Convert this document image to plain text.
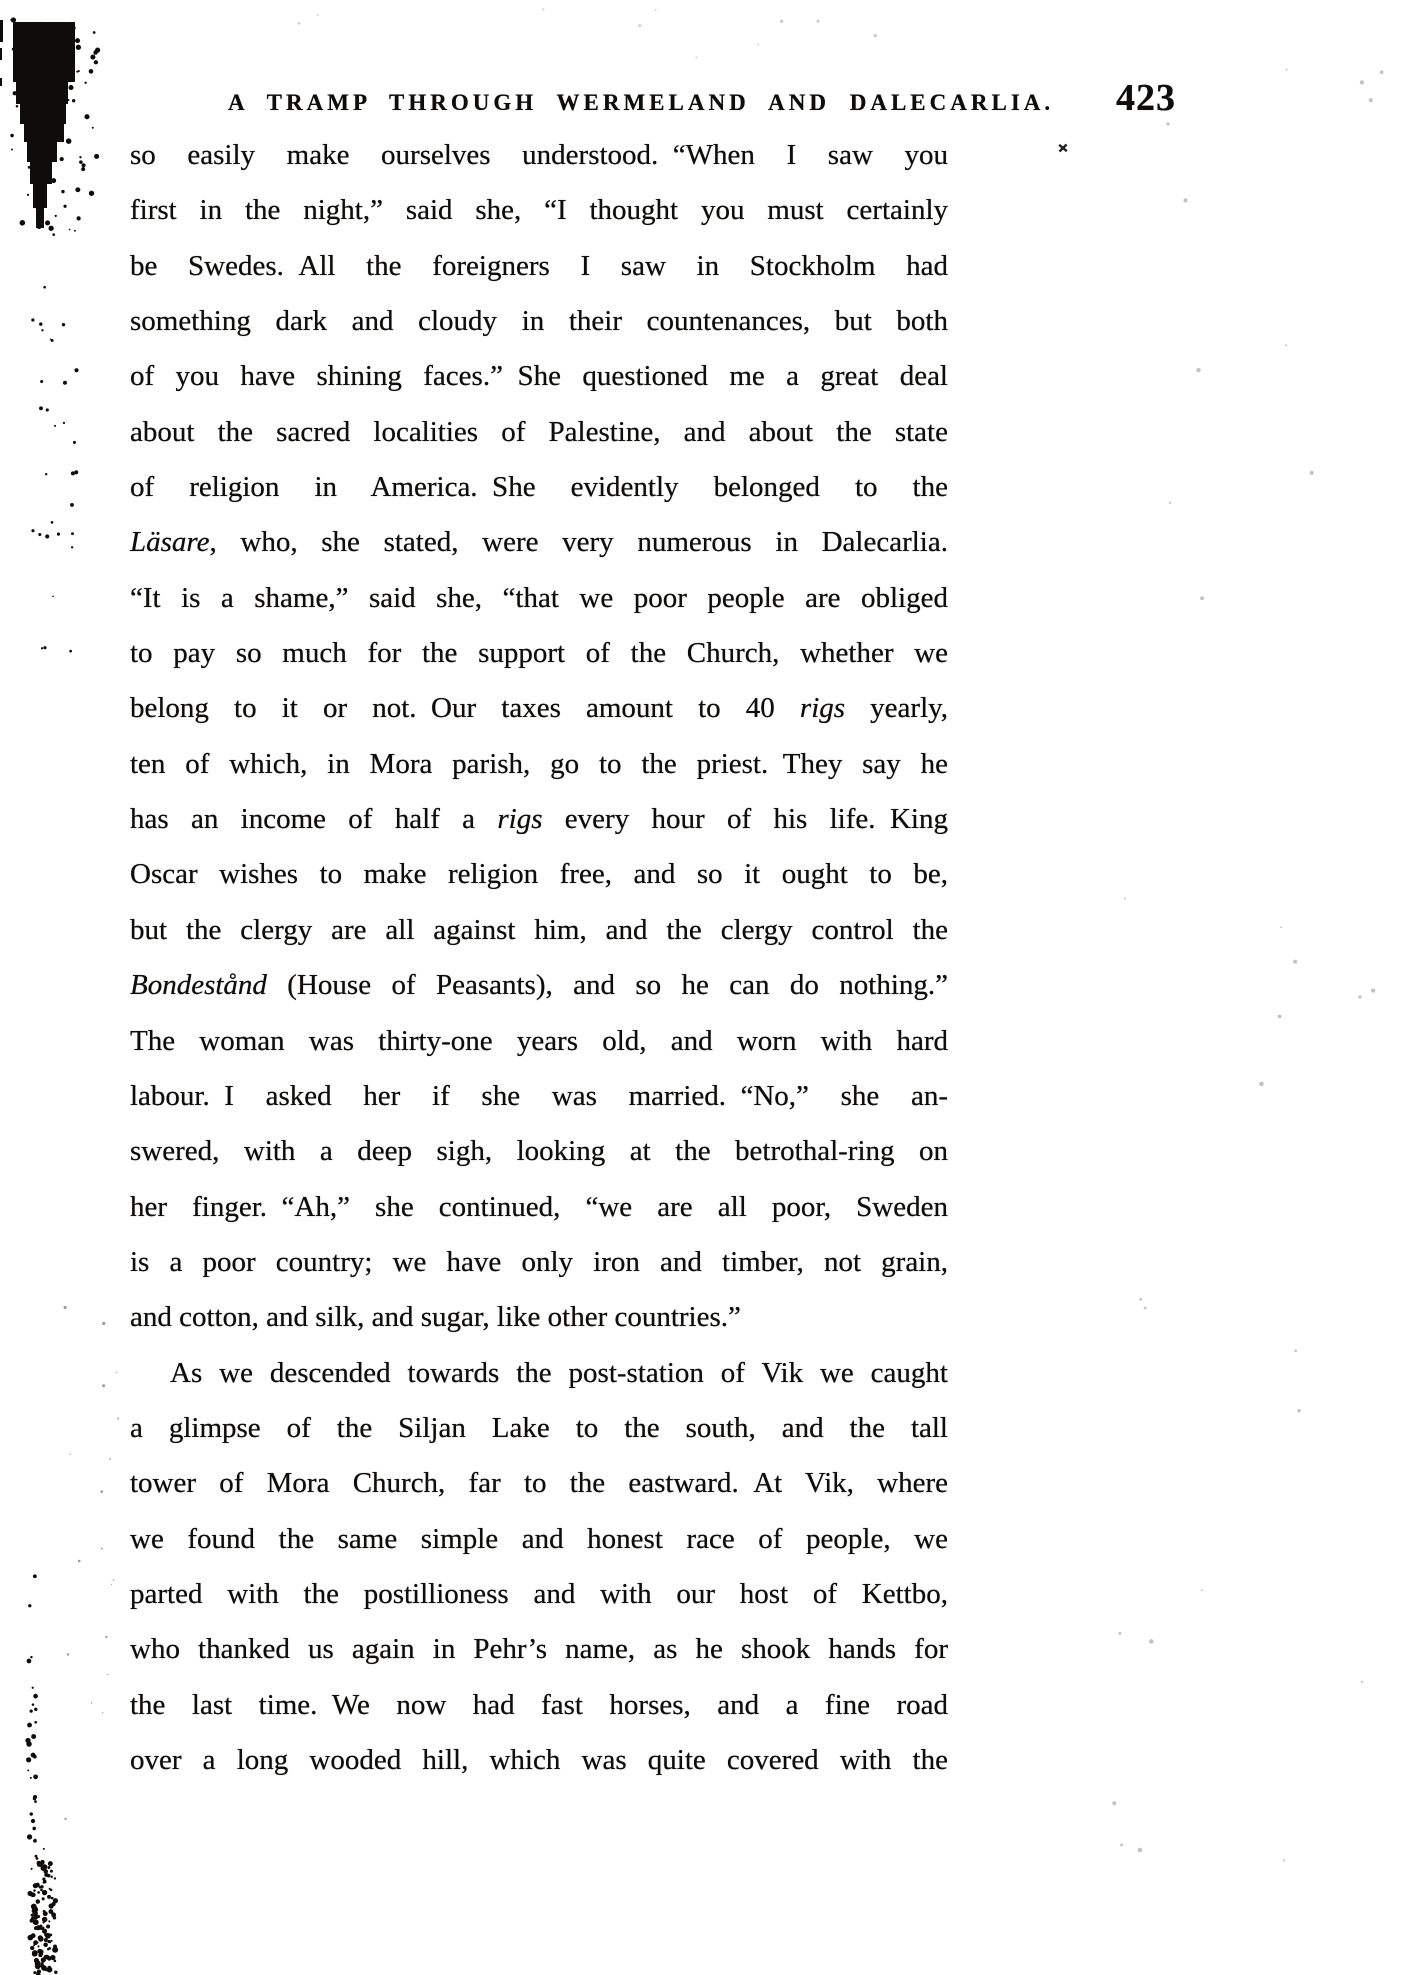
A TRAMP THROUGH WERMELAND AND DALECARLIA. 423
so easily make ourselves understood. “When I saw you
first in the night,” said she, “I thought you must certainly
be Swedes. All the foreigners I saw in Stockholm had
something dark and cloudy in their countenances, but both
of you have shining faces.” She questioned me a great deal
about the sacred localities of Palestine, and about the state
of religion in America. She evidently belonged to the
Läsare, who, she stated, were very numerous in Dalecarlia.
“It is a shame,” said she, “that we poor people are obliged
to pay so much for the support of the Church, whether we
belong to it or not. Our taxes amount to 40 rigs yearly,
ten of which, in Mora parish, go to the priest. They say he
has an income of half a rigs every hour of his life. King
Oscar wishes to make religion free, and so it ought to be,
but the clergy are all against him, and the clergy control the
Bondestånd (House of Peasants), and so he can do nothing.”
The woman was thirty-one years old, and worn with hard
labour. I asked her if she was married. “No,” she an-
swered, with a deep sigh, looking at the betrothal-ring on
her finger. “Ah,” she continued, “we are all poor, Sweden
is a poor country; we have only iron and timber, not grain,
and cotton, and silk, and sugar, like other countries.”
As we descended towards the post-station of Vik we caught
a glimpse of the Siljan Lake to the south, and the tall
tower of Mora Church, far to the eastward. At Vik, where
we found the same simple and honest race of people, we
parted with the postillioness and with our host of Kettbo,
who thanked us again in Pehr’s name, as he shook hands for
the last time. We now had fast horses, and a fine road
over a long wooded hill, which was quite covered with the
